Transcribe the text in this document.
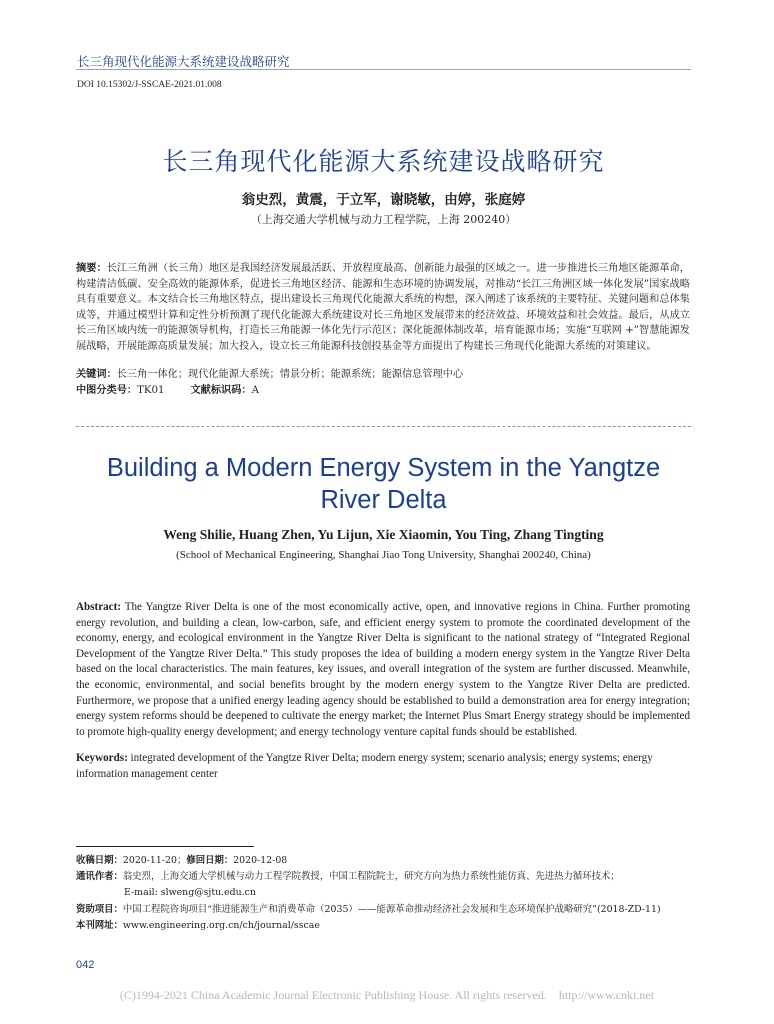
长三角现代化能源大系统建设战略研究
DOI 10.15302/J-SSCAE-2021.01.008
长三角现代化能源大系统建设战略研究
翁史烈，黄震，于立军，谢晓敏，由婷，张庭婷
（上海交通大学机械与动力工程学院，上海 200240）
摘要：长江三角洲（长三角）地区是我国经济发展最活跃、开放程度最高、创新能力最强的区域之一。进一步推进长三角地区能源革命，构建清洁低碳、安全高效的能源体系，促进长三角地区经济、能源和生态环境的协调发展，对推动“长江三角洲区域一体化发展”国家战略具有重要意义。本文结合长三角地区特点，提出建设长三角现代化能源大系统的构想，深入阐述了该系统的主要特征、关键问题和总体集成等，并通过模型计算和定性分析预测了现代化能源大系统建设对长三角地区发展带来的经济效益、环境效益和社会效益。最后，从成立长三角区域内统一的能源领导机构，打造长三角能源一体化先行示范区；深化能源体制改革，培育能源市场；实施“互联网 +”智慧能源发展战略，开展能源高质量发展；加大投入，设立长三角能源科技创投基金等方面提出了构建长三角现代化能源大系统的对策建议。
关键词：长三角一体化；现代化能源大系统；情景分析；能源系统；能源信息管理中心
中图分类号：TK01	文献标识码：A
Building a Modern Energy System in the Yangtze River Delta
Weng Shilie, Huang Zhen, Yu Lijun, Xie Xiaomin, You Ting, Zhang Tingting
(School of Mechanical Engineering, Shanghai Jiao Tong University, Shanghai 200240, China)
Abstract: The Yangtze River Delta is one of the most economically active, open, and innovative regions in China. Further promoting energy revolution, and building a clean, low-carbon, safe, and efficient energy system to promote the coordinated development of the economy, energy, and ecological environment in the Yangtze River Delta is significant to the national strategy of “Integrated Regional Development of the Yangtze River Delta.” This study proposes the idea of building a modern energy system in the Yangtze River Delta based on the local characteristics. The main features, key issues, and overall integration of the system are further discussed. Meanwhile, the economic, environmental, and social benefits brought by the modern energy system to the Yangtze River Delta are predicted. Furthermore, we propose that a unified energy leading agency should be established to build a demonstration area for energy integration; energy system reforms should be deepened to cultivate the energy market; the Internet Plus Smart Energy strategy should be implemented to promote high-quality energy development; and energy technology venture capital funds should be established.
Keywords: integrated development of the Yangtze River Delta; modern energy system; scenario analysis; energy systems; energy information management center
收稿日期：2020-11-20；修回日期：2020-12-08
通讯作者：翁史烈，上海交通大学机械与动力工程学院教授，中国工程院院士，研究方向为热力系统性能仿真、先进热力循环技术；
E-mail: slweng@sjtu.edu.cn
资助项目：中国工程院咨询项目“推进能源生产和消费革命（2035）——能源革命推动经济社会发展和生态环境保护战略研究”(2018-ZD-11)
本刊网址：www.engineering.org.cn/ch/journal/sscae
042
(C)1994-2021 China Academic Journal Electronic Publishing House. All rights reserved.    http://www.cnki.net
